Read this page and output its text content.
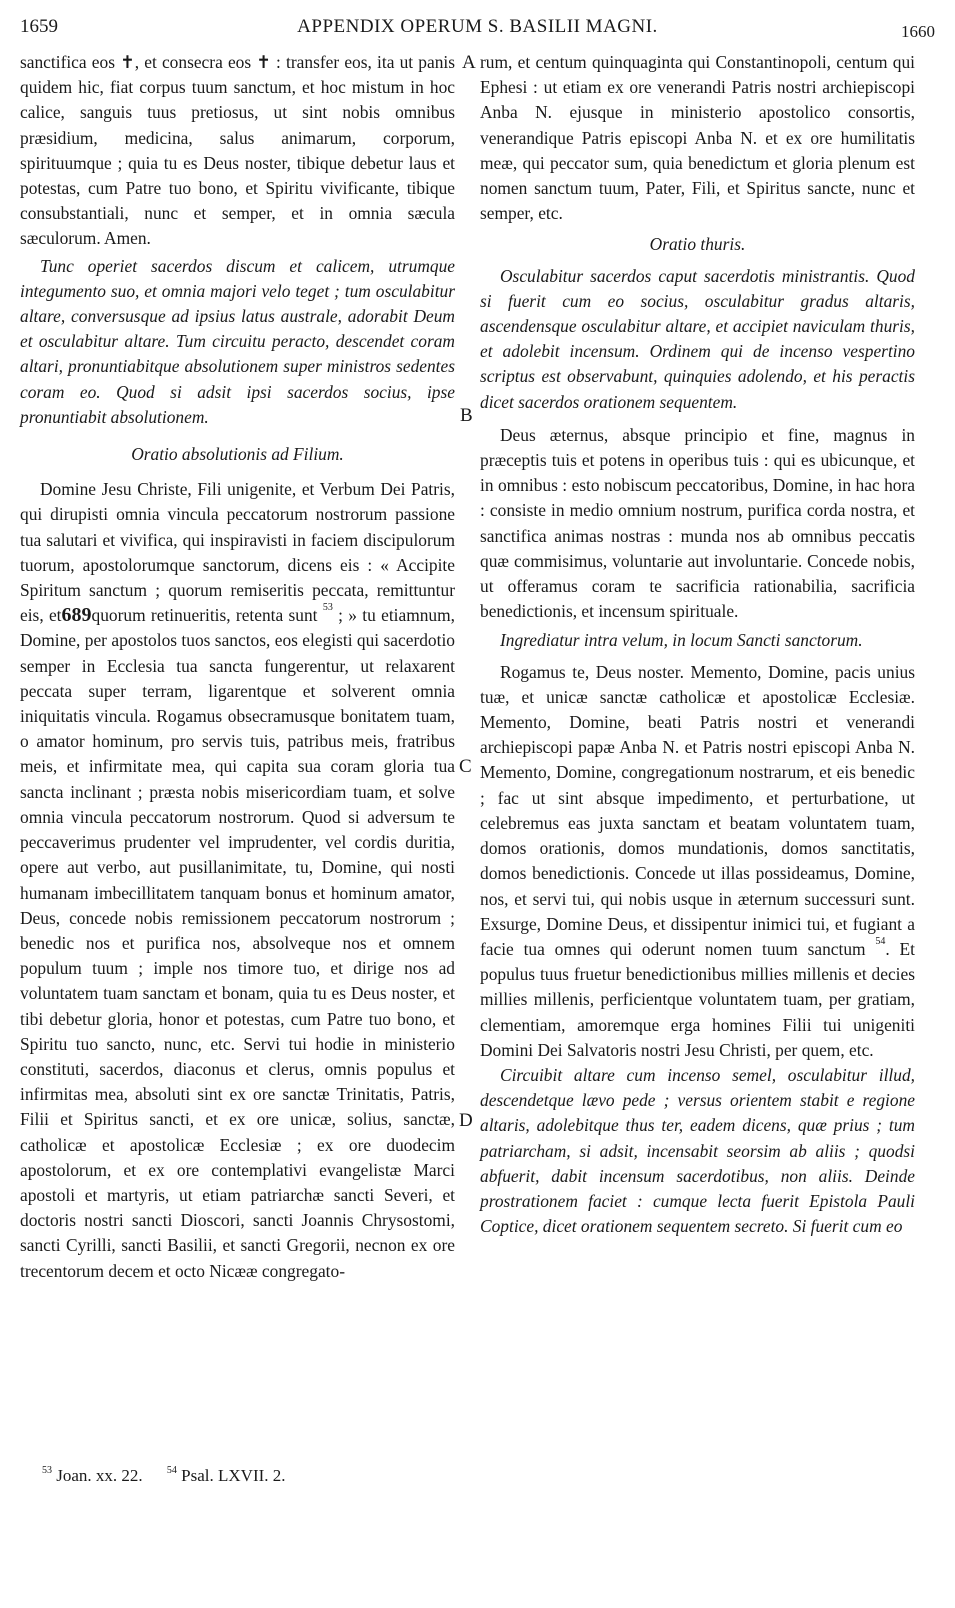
1659	APPENDIX OPERUM S. BASILII MAGNI.	1660

sanctifica eos ✝, et consecra eos ✝ : transfer eos, ita ut panis quidem hic, fiat corpus tuum sanctum, et hoc mistum in hoc calice, sanguis tuus pretiosus, ut sint nobis omnibus præsidium, medicina, salus animarum, corporum, spirituumque ; quia tu es Deus noster, tibique debetur laus et potestas, cum Patre tuo bono, et Spiritu vivificante, tibique consubstantiali, nunc et semper, et in omnia sæcula sæculorum. Amen.

Tunc operiet sacerdos discum et calicem, utrumque integumento suo, et omnia majori velo teget ; tum osculabitur altare, conversusque ad ipsius latus australe, adorabit Deum et osculabitur altare. Tum circuitu peracto, descendet coram altari, pronuntiabitque absolutionem super ministros sedentes coram eo. Quod si adsit ipsi sacerdos socius, ipse pronuntiabit absolutionem.

Oratio absolutionis ad Filium.

Domine Jesu Christe, Fili unigenite, et Verbum Dei Patris, qui dirupisti omnia vincula peccatorum nostrorum passione tua salutari et vivifica, qui inspiravisti in faciem discipulorum tuorum, apostolorumque sanctorum, dicens eis : « Accipite Spiritum sanctum ; quorum remiseritis peccata, remittuntur eis, et689quorum retinueritis, retenta sunt $^{53}$ ; » tu etiamnum, Domine, per apostolos tuos sanctos, eos elegisti qui sacerdotio semper in Ecclesia tua sancta fungerentur, ut relaxarent peccata super terram, ligarentque et solverent omnia iniquitatis vincula. Rogamus obsecramusque bonitatem tuam, o amator hominum, pro servis tuis, patribus meis, fratribus meis, et infirmitate mea, qui capita sua coram gloria tua sancta inclinant ; præsta nobis misericordiam tuam, et solve omnia vincula peccatorum nostrorum. Quod si adversum te peccaverimus prudenter vel imprudenter, vel cordis duritia, opere aut verbo, aut pusillanimitate, tu, Domine, qui nosti humanam imbecillitatem tanquam bonus et hominum amator, Deus, concede nobis remissionem peccatorum nostrorum ; benedic nos et purifica nos, absolveque nos et omnem populum tuum ; imple nos timore tuo, et dirige nos ad voluntatem tuam sanctam et bonam, quia tu es Deus noster, et tibi debetur gloria, honor et potestas, cum Patre tuo bono, et Spiritu tuo sancto, nunc, etc. Servi tui hodie in ministerio constituti, sacerdos, diaconus et clerus, omnis populus et infirmitas mea, absoluti sint ex ore sanctæ Trinitatis, Patris, Filii et Spiritus sancti, et ex ore unicæ, solius, sanctæ, catholicæ et apostolicæ Ecclesiæ ; ex ore duodecim apostolorum, et ex ore contemplativi evangelistæ Marci apostoli et martyris, ut etiam patriarchæ sancti Severi, et doctoris nostri sancti Dioscori, sancti Joannis Chrysostomi, sancti Cyrilli, sancti Basilii, et sancti Gregorii, necnon ex ore trecentorum decem et octo Nicææ congregato-

A
B
C
D

rum, et centum quinquaginta qui Constantinopoli, centum qui Ephesi : ut etiam ex ore venerandi Patris nostri archiepiscopi Anba N. ejusque in ministerio apostolico consortis, venerandique Patris episcopi Anba N. et ex ore humilitatis meæ, qui peccator sum, quia benedictum et gloria plenum est nomen sanctum tuum, Pater, Fili, et Spiritus sancte, nunc et semper, etc.

Oratio thuris.

Osculabitur sacerdos caput sacerdotis ministrantis. Quod si fuerit cum eo socius, osculabitur gradus altaris, ascendensque osculabitur altare, et accipiet naviculam thuris, et adolebit incensum. Ordinem qui de incenso vespertino scriptus est observabunt, quinquies adolendo, et his peractis dicet sacerdos orationem sequentem.

Deus æternus, absque principio et fine, magnus in præceptis tuis et potens in operibus tuis : qui es ubicunque, et in omnibus : esto nobiscum peccatoribus, Domine, in hac hora : consiste in medio omnium nostrum, purifica corda nostra, et sanctifica animas nostras : munda nos ab omnibus peccatis quæ commisimus, voluntarie aut involuntarie. Concede nobis, ut offeramus coram te sacrificia rationabilia, sacrificia benedictionis, et incensum spirituale.

Ingrediatur intra velum, in locum Sancti sanctorum.

Rogamus te, Deus noster. Memento, Domine, pacis unius tuæ, et unicæ sanctæ catholicæ et apostolicæ Ecclesiæ. Memento, Domine, beati Patris nostri et venerandi archiepiscopi papæ Anba N. et Patris nostri episcopi Anba N. Memento, Domine, congregationum nostrarum, et eis benedic ; fac ut sint absque impedimento, et perturbatione, ut celebremus eas juxta sanctam et beatam voluntatem tuam, domos orationis, domos mundationis, domos sanctitatis, domos benedictionis. Concede ut illas possideamus, Domine, nos, et servi tui, qui nobis usque in æternum successuri sunt. Exsurge, Domine Deus, et dissipentur inimici tui, et fugiant a facie tua omnes qui oderunt nomen tuum sanctum $^{54}$. Et populus tuus fruetur benedictionibus millies millenis et decies millies millenis, perficientque voluntatem tuam, per gratiam, clementiam, amoremque erga homines Filii tui unigeniti Domini Dei Salvatoris nostri Jesu Christi, per quem, etc.

Circuibit altare cum incenso semel, osculabitur illud, descendetque lævo pede ; versus orientem stabit e regione altaris, adolebitque thus ter, eadem dicens, quæ prius ; tum patriarcham, si adsit, incensabit seorsim ab aliis ; quodsi abfuerit, dabit incensum sacerdotibus, non aliis. Deinde prostrationem faciet : cumque lecta fuerit Epistola Pauli Coptice, dicet orationem sequentem secreto. Si fuerit cum eo

$^{53}$ Joan. xx. 22. $^{54}$ Psal. LXVII. 2.
